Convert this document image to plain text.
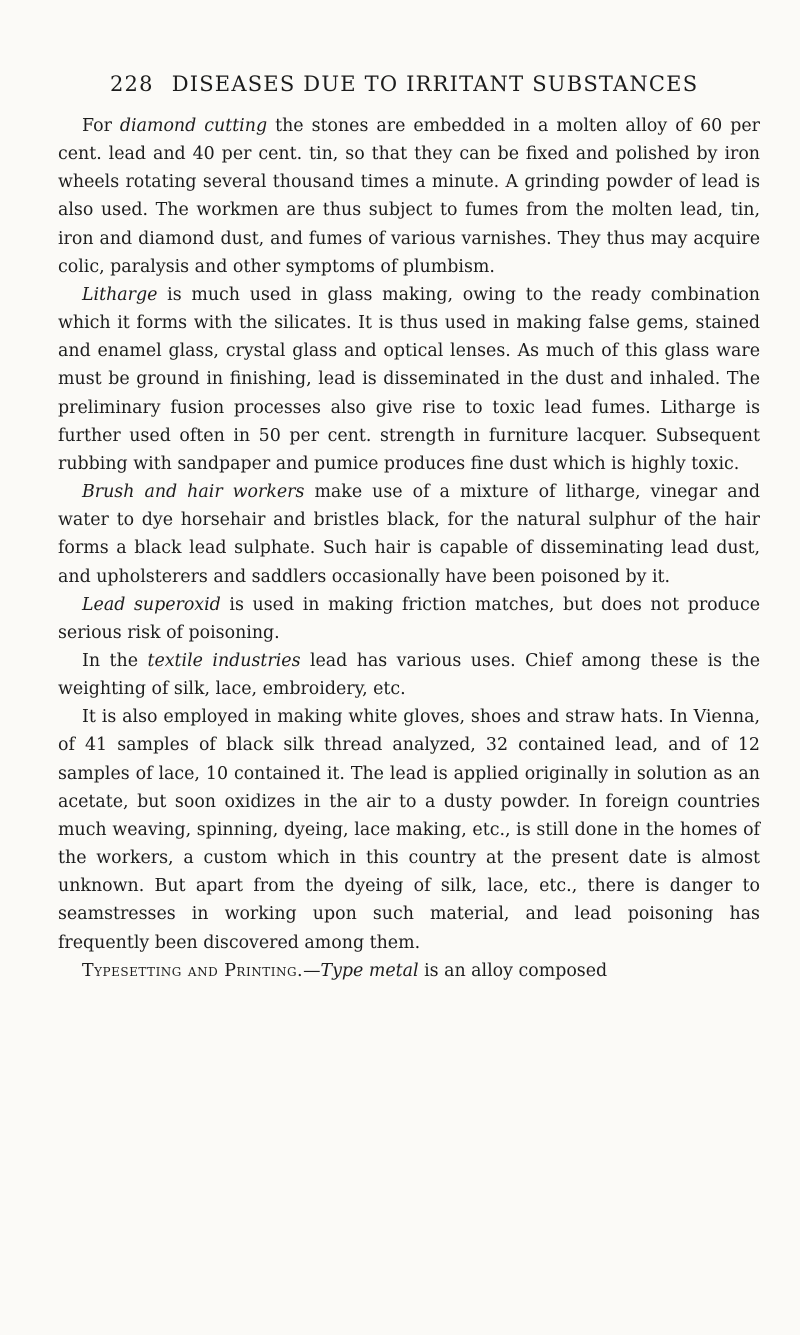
228 DISEASES DUE TO IRRITANT SUBSTANCES

For diamond cutting the stones are embedded in a molten alloy of 60 per cent. lead and 40 per cent. tin, so that they can be fixed and polished by iron wheels rotating several thousand times a minute. A grinding powder of lead is also used. The workmen are thus subject to fumes from the molten lead, tin, iron and diamond dust, and fumes of various varnishes. They thus may acquire colic, paralysis and other symptoms of plumbism.

Litharge is much used in glass making, owing to the ready combination which it forms with the silicates. It is thus used in making false gems, stained and enamel glass, crystal glass and optical lenses. As much of this glass ware must be ground in finishing, lead is disseminated in the dust and inhaled. The preliminary fusion processes also give rise to toxic lead fumes. Litharge is further used often in 50 per cent. strength in furniture lacquer. Subsequent rubbing with sandpaper and pumice produces fine dust which is highly toxic.

Brush and hair workers make use of a mixture of litharge, vinegar and water to dye horsehair and bristles black, for the natural sulphur of the hair forms a black lead sulphate. Such hair is capable of disseminating lead dust, and upholsterers and saddlers occasionally have been poisoned by it.

Lead superoxid is used in making friction matches, but does not produce serious risk of poisoning.

In the textile industries lead has various uses. Chief among these is the weighting of silk, lace, embroidery, etc.

It is also employed in making white gloves, shoes and straw hats. In Vienna, of 41 samples of black silk thread analyzed, 32 contained lead, and of 12 samples of lace, 10 contained it. The lead is applied originally in solution as an acetate, but soon oxidizes in the air to a dusty powder. In foreign countries much weaving, spinning, dyeing, lace making, etc., is still done in the homes of the workers, a custom which in this country at the present date is almost unknown. But apart from the dyeing of silk, lace, etc., there is danger to seamstresses in working upon such material, and lead poisoning has frequently been discovered among them.

Typesetting and Printing.—Type metal is an alloy composed
